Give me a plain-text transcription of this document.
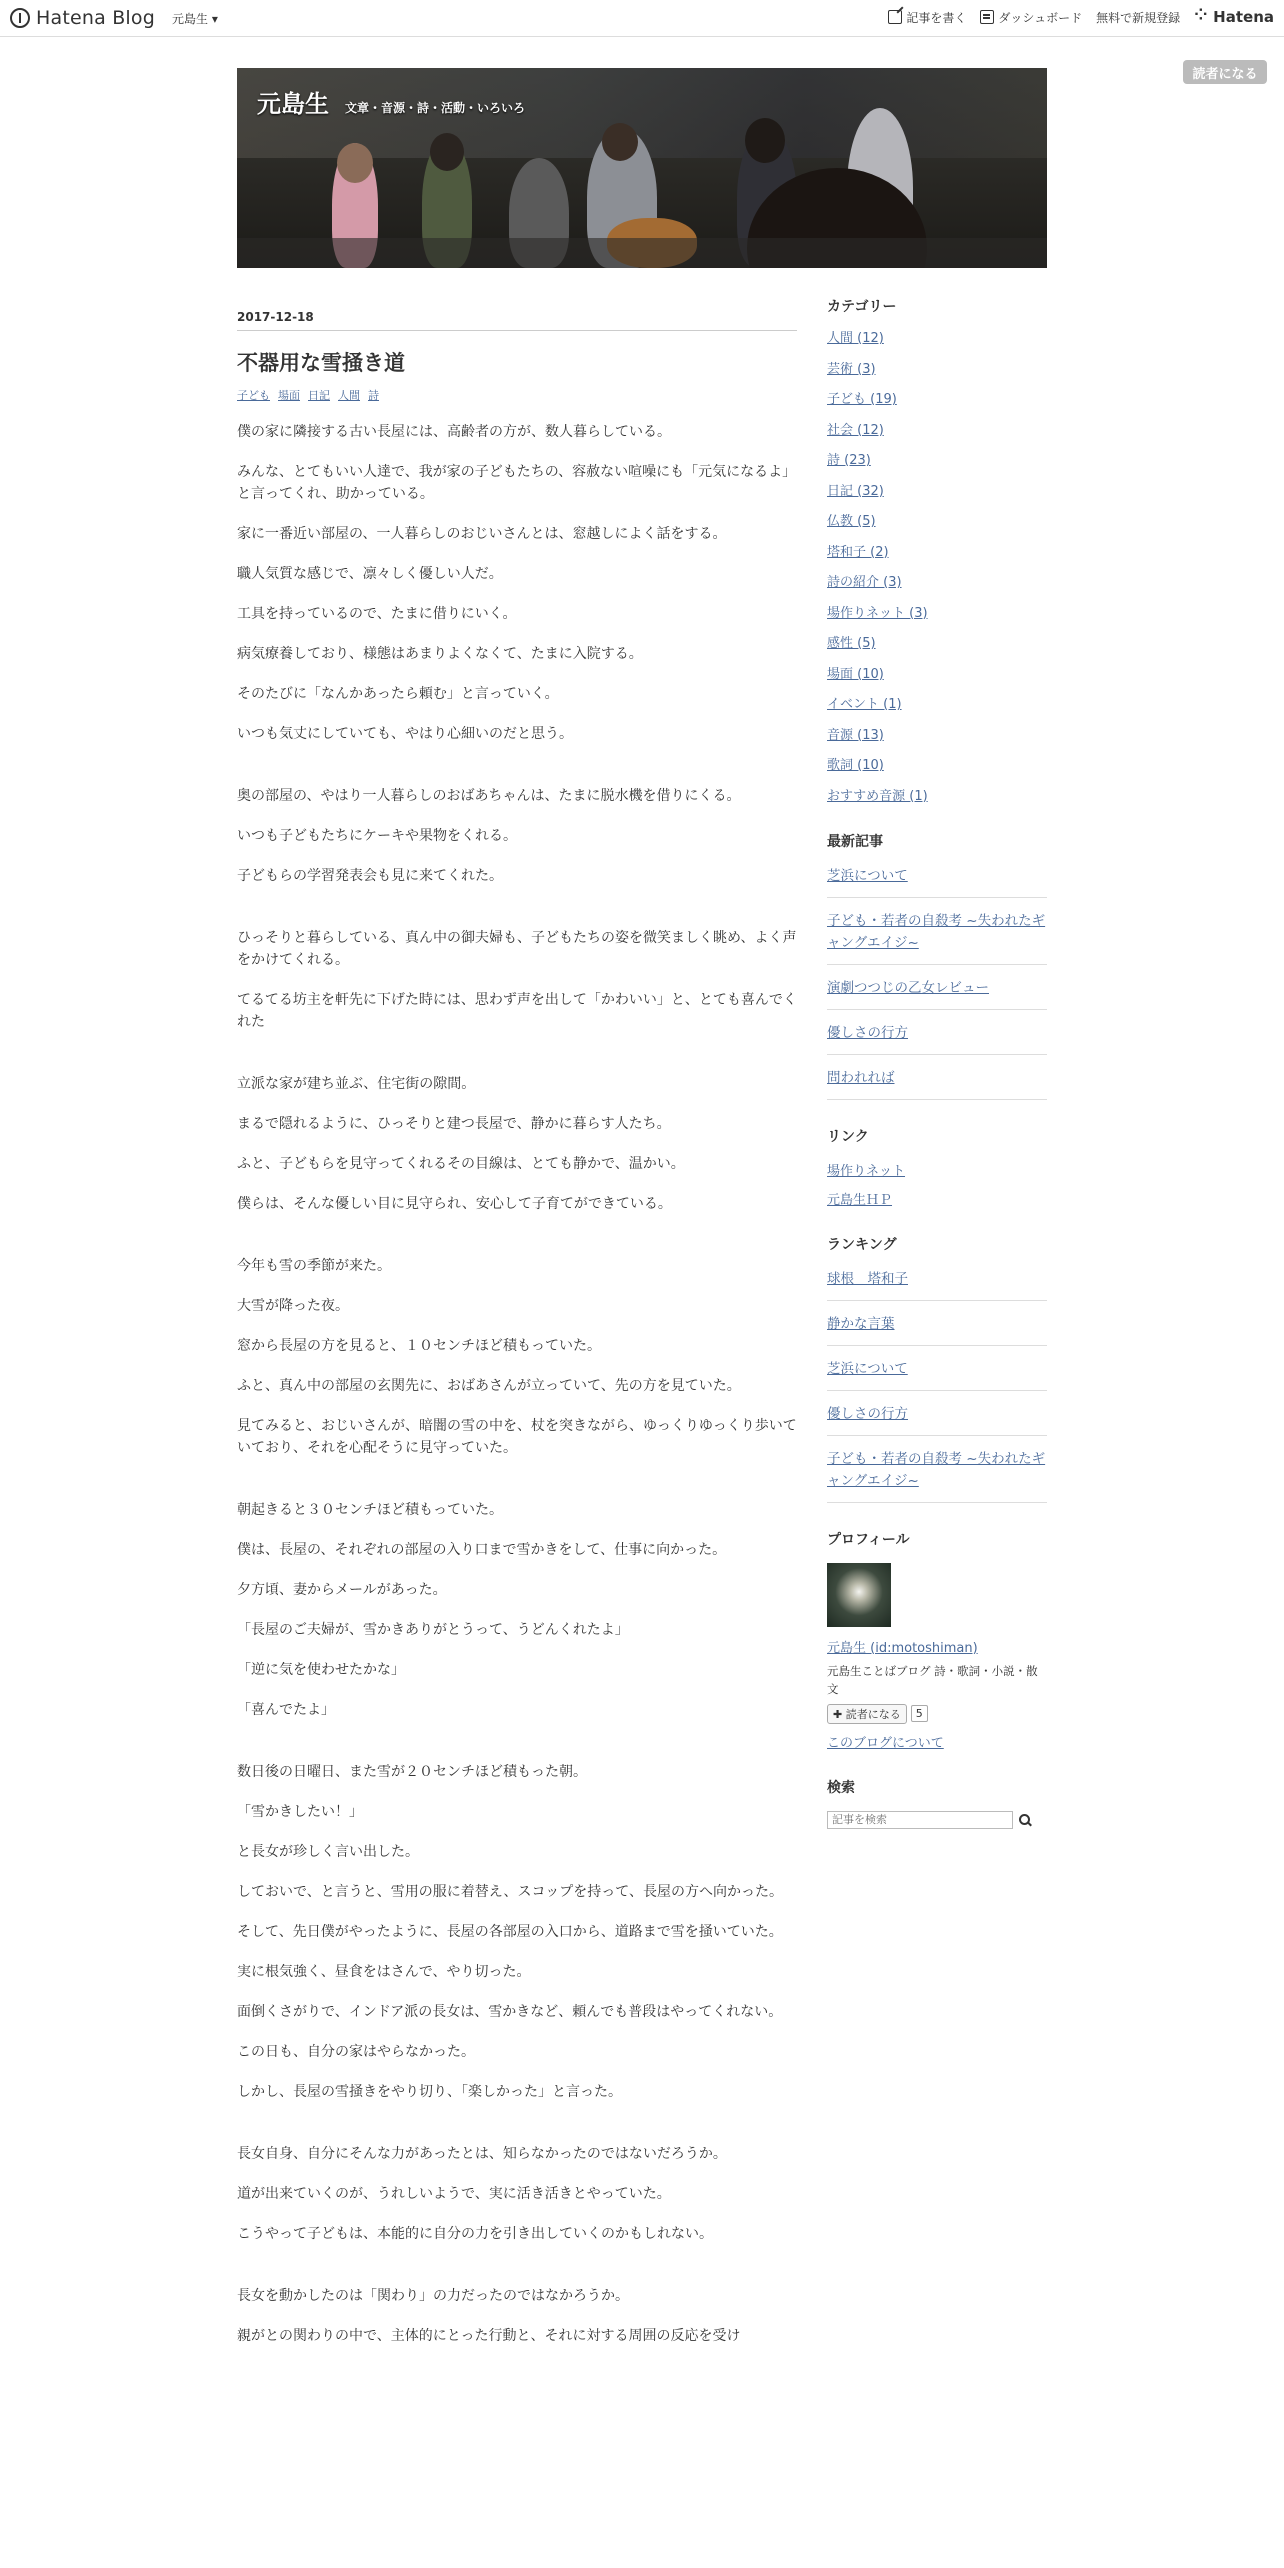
Hatena Blog 元島生 ▾	記事を書く	ダッシュボード 無料で新規登録
⁘ Hatena
読者になる
元島生 文章・音源・詩・活動・いろいろ
2017-12-18
不器用な雪掻き道
子ども 場面 日記 人間 詩

僕の家に隣接する古い長屋には、高齢者の方が、数人暮らしている。

みんな、とてもいい人達で、我が家の子どもたちの、容赦ない喧噪にも「元気になるよ」と言ってくれ、助かっている。

家に一番近い部屋の、一人暮らしのおじいさんとは、窓越しによく話をする。

職人気質な感じで、凛々しく優しい人だ。

工具を持っているので、たまに借りにいく。

病気療養しており、様態はあまりよくなくて、たまに入院する。

そのたびに「なんかあったら頼む」と言っていく。

いつも気丈にしていても、やはり心細いのだと思う。

奥の部屋の、やはり一人暮らしのおばあちゃんは、たまに脱水機を借りにくる。

いつも子どもたちにケーキや果物をくれる。

子どもらの学習発表会も見に来てくれた。

ひっそりと暮らしている、真ん中の御夫婦も、子どもたちの姿を微笑ましく眺め、よく声をかけてくれる。

てるてる坊主を軒先に下げた時には、思わず声を出して「かわいい」と、とても喜んでくれた

立派な家が建ち並ぶ、住宅街の隙間。

まるで隠れるように、ひっそりと建つ長屋で、静かに暮らす人たち。

ふと、子どもらを見守ってくれるその目線は、とても静かで、温かい。

僕らは、そんな優しい目に見守られ、安心して子育てができている。

今年も雪の季節が来た。

大雪が降った夜。

窓から長屋の方を見ると、１０センチほど積もっていた。

ふと、真ん中の部屋の玄関先に、おばあさんが立っていて、先の方を見ていた。

見てみると、おじいさんが、暗闇の雪の中を、杖を突きながら、ゆっくりゆっくり歩いていており、それを心配そうに見守っていた。

朝起きると３０センチほど積もっていた。

僕は、長屋の、それぞれの部屋の入り口まで雪かきをして、仕事に向かった。

夕方頃、妻からメールがあった。

「長屋のご夫婦が、雪かきありがとうって、うどんくれたよ」

「逆に気を使わせたかな」

「喜んでたよ」

数日後の日曜日、また雪が２０センチほど積もった朝。

「雪かきしたい！」

と長女が珍しく言い出した。

しておいで、と言うと、雪用の服に着替え、スコップを持って、長屋の方へ向かった。

そして、先日僕がやったように、長屋の各部屋の入口から、道路まで雪を掻いていた。

実に根気強く、昼食をはさんで、やり切った。

面倒くさがりで、インドア派の長女は、雪かきなど、頼んでも普段はやってくれない。

この日も、自分の家はやらなかった。

しかし、長屋の雪掻きをやり切り、「楽しかった」と言った。

長女自身、自分にそんな力があったとは、知らなかったのではないだろうか。

道が出来ていくのが、うれしいようで、実に活き活きとやっていた。

こうやって子どもは、本能的に自分の力を引き出していくのかもしれない。

長女を動かしたのは「関わり」の力だったのではなかろうか。

親がとの関わりの中で、主体的にとった行動と、それに対する周囲の反応を受け

カテゴリー
人間 (12)
芸術 (3)
子ども (19)
社会 (12)
詩 (23)
日記 (32)
仏教 (5)
塔和子 (2)
詩の紹介 (3)
場作りネット (3)
感性 (5)
場面 (10)
イベント (1)
音源 (13)
歌詞 (10)
おすすめ音源 (1)
最新記事
芝浜について
子ども・若者の自殺考 ~失われたギャングエイジ~
演劇つつじの乙女レビュー
優しさの行方
問われれば
リンク
場作りネット
元島生ＨＰ
ランキング
球根　塔和子
静かな言葉
芝浜について
優しさの行方
子ども・若者の自殺考 ~失われたギャングエイジ~
プロフィール
元島生 (id:motoshiman)
元島生ことばブログ 詩・歌詞・小説・散文
✚ 読者になる	5
このブログについて
検索
記事を検索
